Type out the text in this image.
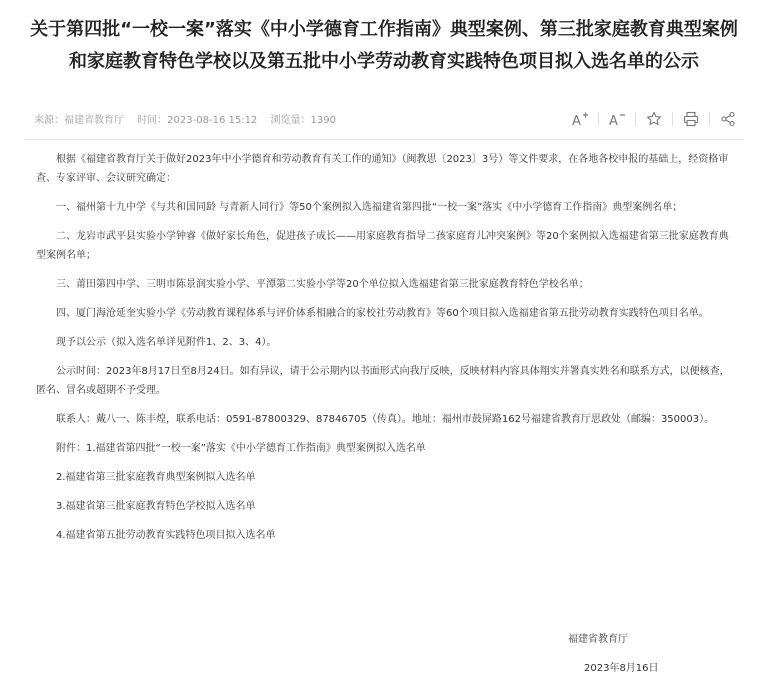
关于第四批“一校一案”落实《中小学德育工作指南》典型案例、第三批家庭教育典型案例和家庭教育特色学校以及第五批中小学劳动教育实践特色项目拟入选名单的公示
来源：福建省教育厅 时间：2023-08-16 15:12 浏览量：1390	A A

根据《福建省教育厅关于做好2023年中小学德育和劳动教育有关工作的通知》（闽教思〔2023〕3号）等文件要求，在各地各校申报的基础上，经资格审查、专家评审、会议研究确定：

一、福州第十九中学《与共和国同龄 与青新人同行》等50个案例拟入选福建省第四批“一校一案”落实《中小学德育工作指南》典型案例名单；

二、龙岩市武平县实验小学钟睿《做好家长角色，促进孩子成长——用家庭教育指导二孩家庭育儿冲突案例》等20个案例拟入选福建省第三批家庭教育典型案例名单；

三、莆田第四中学、三明市陈景润实验小学、平潭第二实验小学等20个单位拟入选福建省第三批家庭教育特色学校名单；

四、厦门海沧延奎实验小学《劳动教育课程体系与评价体系相融合的家校社劳动教育》等60个项目拟入选福建省第五批劳动教育实践特色项目名单。

现予以公示（拟入选名单详见附件1、2、3、4）。

公示时间：2023年8月17日至8月24日。如有异议，请于公示期内以书面形式向我厅反映，反映材料内容具体翔实并署真实姓名和联系方式，以便核查，匿名、冒名或超期不予受理。

联系人：戴八一、陈丰煌，联系电话：0591-87800329、87846705（传真）。地址：福州市鼓屏路162号福建省教育厅思政处（邮编：350003）。

附件：1.福建省第四批“一校一案”落实《中小学德育工作指南》典型案例拟入选名单

2.福建省第三批家庭教育典型案例拟入选名单

3.福建省第三批家庭教育特色学校拟入选名单

4.福建省第五批劳动教育实践特色项目拟入选名单

福建省教育厅
2023年8月16日
